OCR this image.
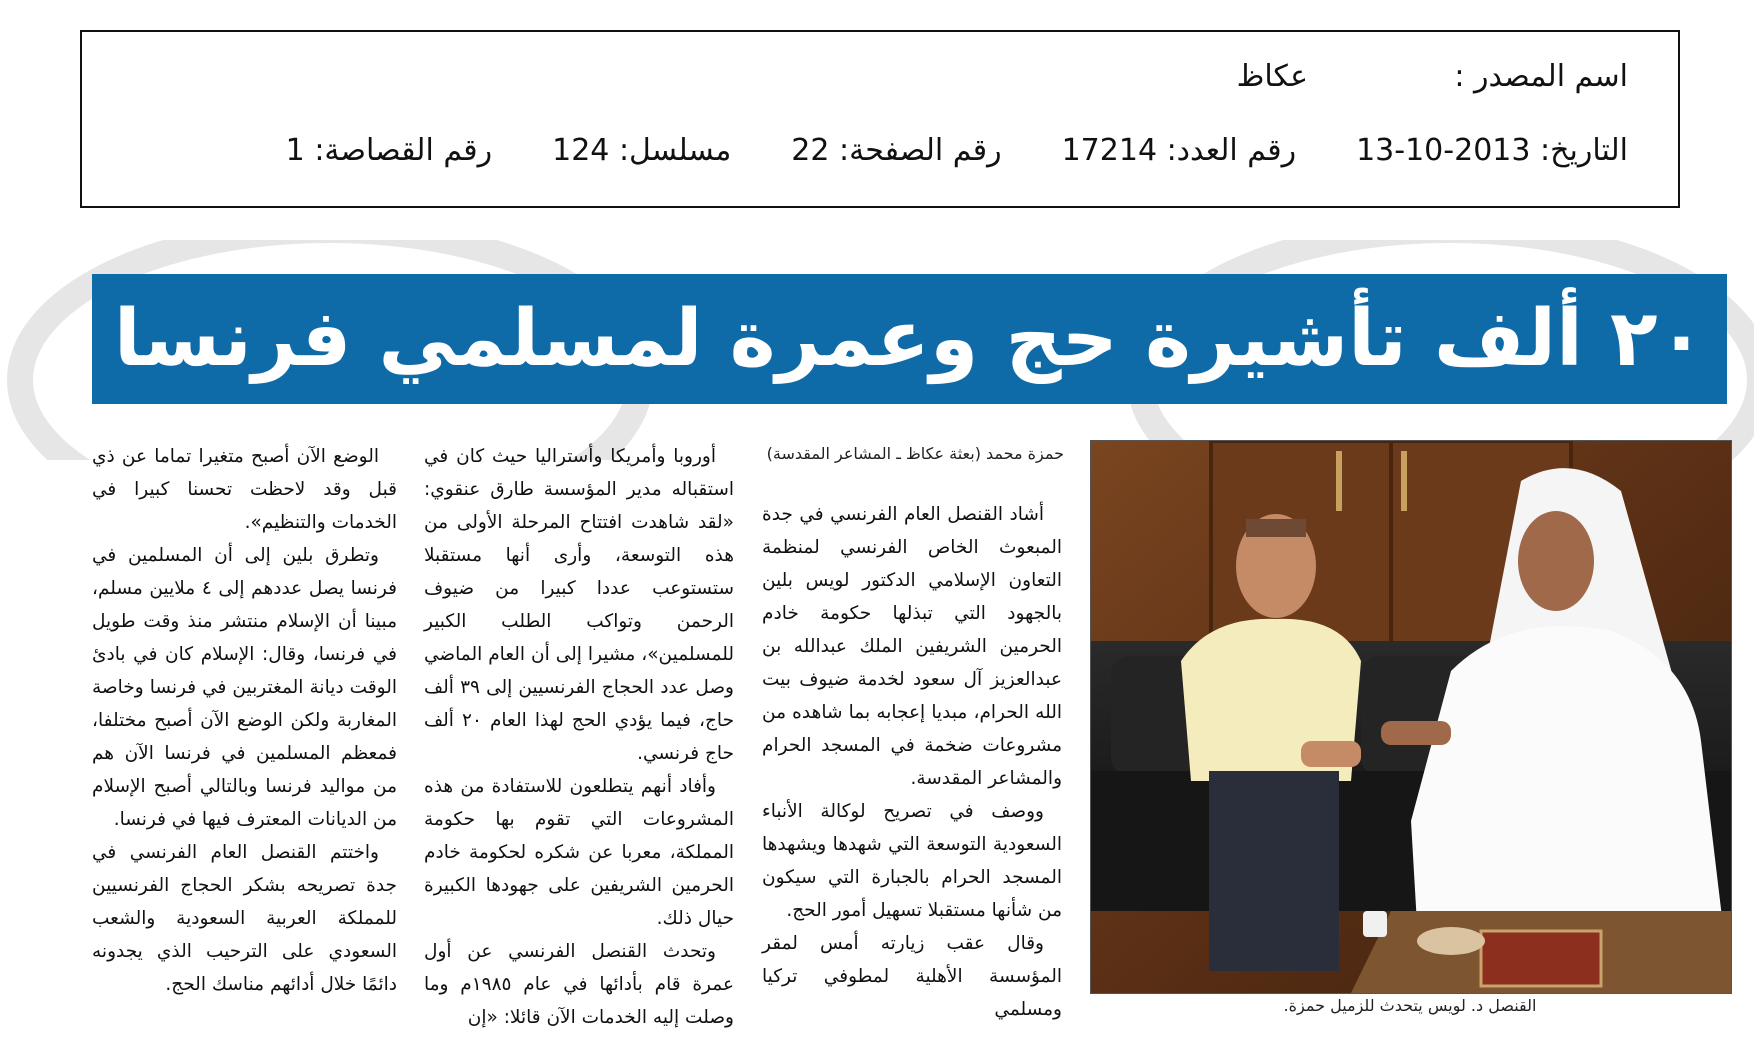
اسم المصدر :
عكاظ
التاريخ: 2013-10-13
رقم العدد: 17214
رقم الصفحة: 22
مسلسل: 124
رقم القصاصة: 1
٢٠ ألف تأشيرة حج وعمرة لمسلمي فرنسا
حمزة محمد (بعثة عكاظ ـ المشاعر المقدسة)
القنصل د. لويس يتحدث للزميل حمزة.

أشاد القنصل العام الفرنسي في جدة المبعوث الخاص الفرنسي لمنظمة التعاون الإسلامي الدكتور لويس بلين بالجهود التي تبذلها حكومة خادم الحرمين الشريفين الملك عبدالله بن عبدالعزيز آل سعود لخدمة ضيوف بيت الله الحرام، مبديا إعجابه بما شاهده من مشروعات ضخمة في المسجد الحرام والمشاعر المقدسة.

ووصف في تصريح لوكالة الأنباء السعودية التوسعة التي شهدها ويشهدها المسجد الحرام بالجبارة التي سيكون من شأنها مستقبلا تسهيل أمور الحج.

وقال عقب زيارته أمس لمقر المؤسسة الأهلية لمطوفي تركيا ومسلمي

أوروبا وأمريكا وأستراليا حيث كان في استقباله مدير المؤسسة طارق عنقوي: «لقد شاهدت افتتاح المرحلة الأولى من هذه التوسعة، وأرى أنها مستقبلا ستستوعب عددا كبيرا من ضيوف الرحمن وتواكب الطلب الكبير للمسلمين»، مشيرا إلى أن العام الماضي وصل عدد الحجاج الفرنسيين إلى ٣٩ ألف حاج، فيما يؤدي الحج لهذا العام ٢٠ ألف حاج فرنسي.

وأفاد أنهم يتطلعون للاستفادة من هذه المشروعات التي تقوم بها حكومة المملكة، معربا عن شكره لحكومة خادم الحرمين الشريفين على جهودها الكبيرة حيال ذلك.

وتحدث القنصل الفرنسي عن أول عمرة قام بأدائها في عام ١٩٨٥م وما وصلت إليه الخدمات الآن قائلا: «إن

الوضع الآن أصبح متغيرا تماما عن ذي قبل وقد لاحظت تحسنا كبيرا في الخدمات والتنظيم».

وتطرق بلين إلى أن المسلمين في فرنسا يصل عددهم إلى ٤ ملايين مسلم، مبينا أن الإسلام منتشر منذ وقت طويل في فرنسا، وقال: الإسلام كان في بادئ الوقت ديانة المغتربين في فرنسا وخاصة المغاربة ولكن الوضع الآن أصبح مختلفا، فمعظم المسلمين في فرنسا الآن هم من مواليد فرنسا وبالتالي أصبح الإسلام من الديانات المعترف فيها في فرنسا.

واختتم القنصل العام الفرنسي في جدة تصريحه بشكر الحجاج الفرنسيين للمملكة العربية السعودية والشعب السعودي على الترحيب الذي يجدونه دائمًا خلال أدائهم مناسك الحج.
